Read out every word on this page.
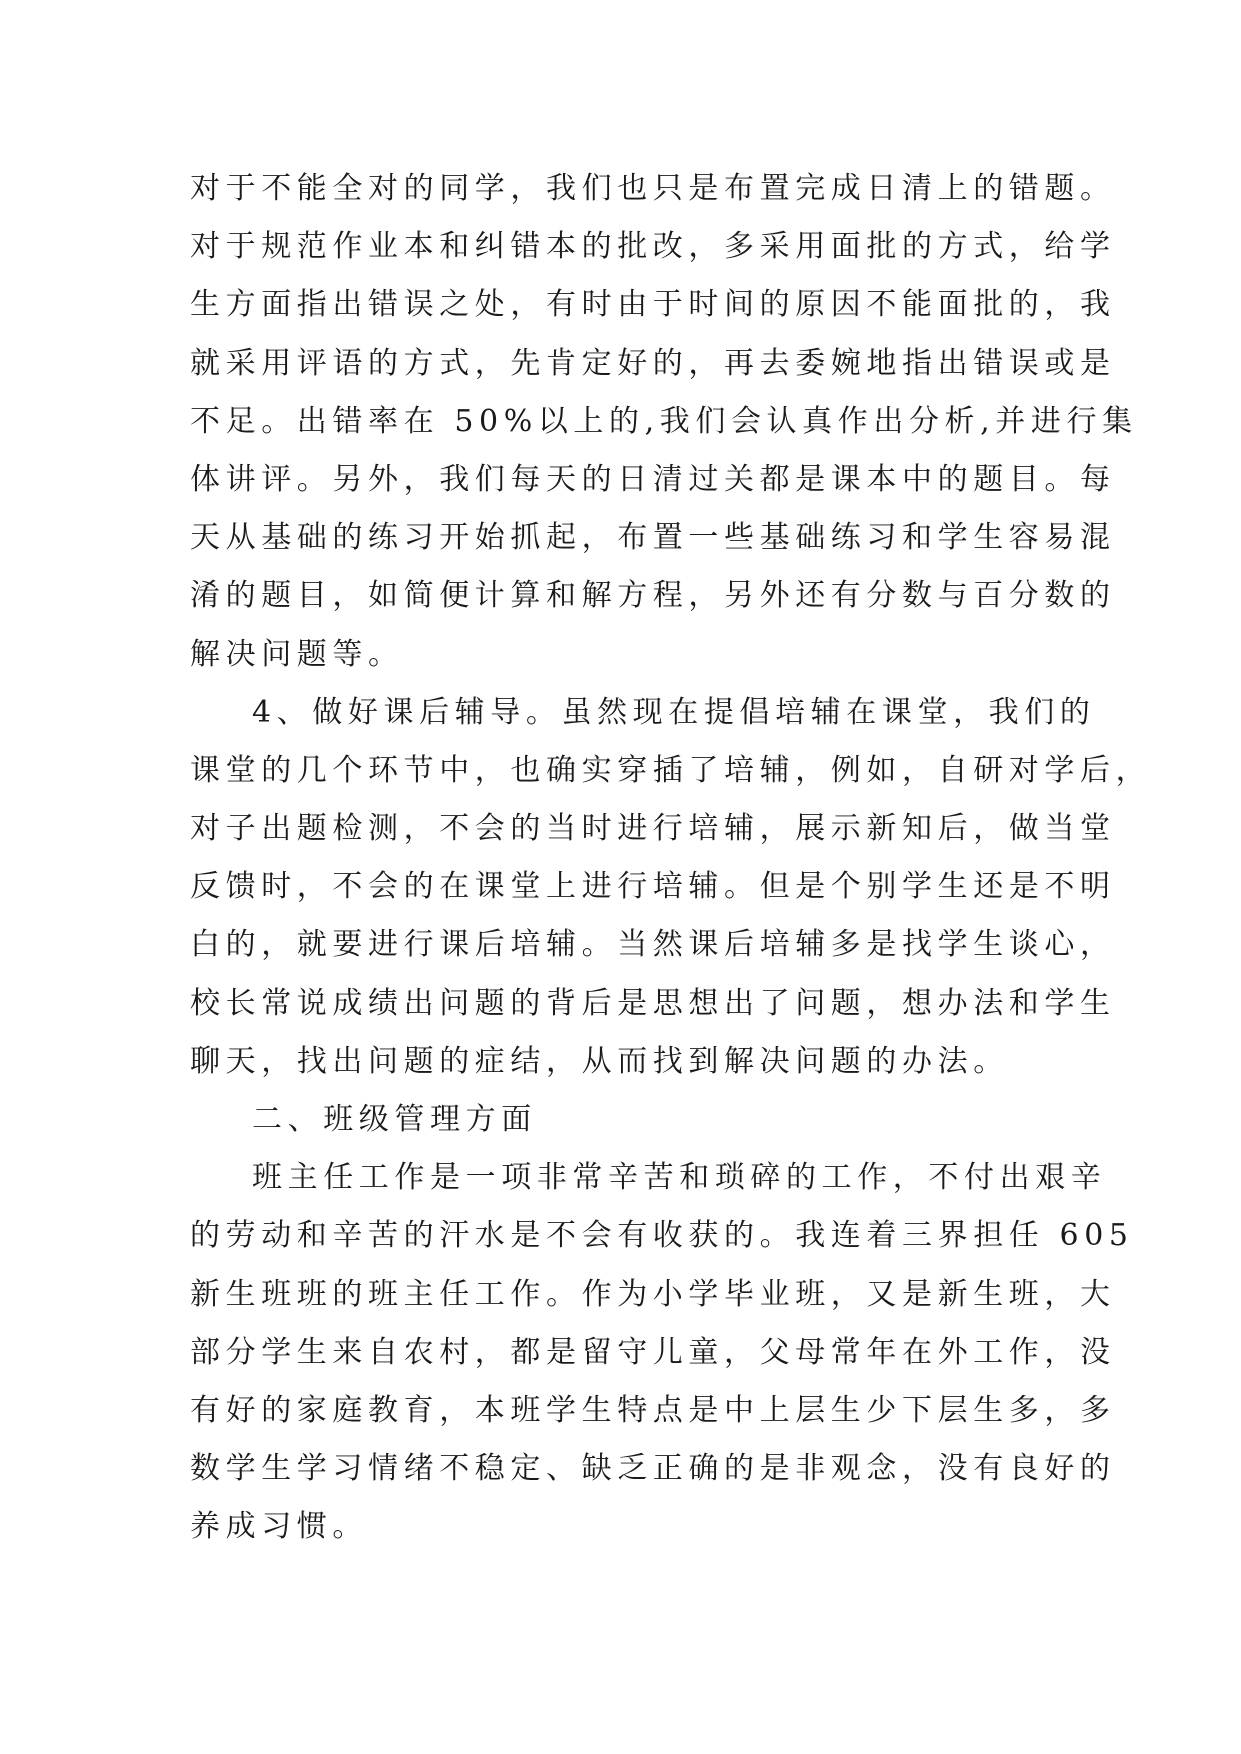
对于不能全对的同学，我们也只是布置完成日清上的错题。
对于规范作业本和纠错本的批改，多采用面批的方式，给学
生方面指出错误之处，有时由于时间的原因不能面批的，我
就采用评语的方式，先肯定好的，再去委婉地指出错误或是
不足。出错率在 50%以上的,我们会认真作出分析,并进行集
体讲评。另外，我们每天的日清过关都是课本中的题目。每
天从基础的练习开始抓起，布置一些基础练习和学生容易混
淆的题目，如简便计算和解方程，另外还有分数与百分数的
解决问题等。
4、做好课后辅导。虽然现在提倡培辅在课堂，我们的
课堂的几个环节中，也确实穿插了培辅，例如，自研对学后，
对子出题检测，不会的当时进行培辅，展示新知后，做当堂
反馈时，不会的在课堂上进行培辅。但是个别学生还是不明
白的，就要进行课后培辅。当然课后培辅多是找学生谈心，
校长常说成绩出问题的背后是思想出了问题，想办法和学生
聊天，找出问题的症结，从而找到解决问题的办法。
二、班级管理方面
班主任工作是一项非常辛苦和琐碎的工作，不付出艰辛
的劳动和辛苦的汗水是不会有收获的。我连着三界担任 605
新生班班的班主任工作。作为小学毕业班，又是新生班，大
部分学生来自农村，都是留守儿童，父母常年在外工作，没
有好的家庭教育，本班学生特点是中上层生少下层生多，多
数学生学习情绪不稳定、缺乏正确的是非观念，没有良好的
养成习惯。
